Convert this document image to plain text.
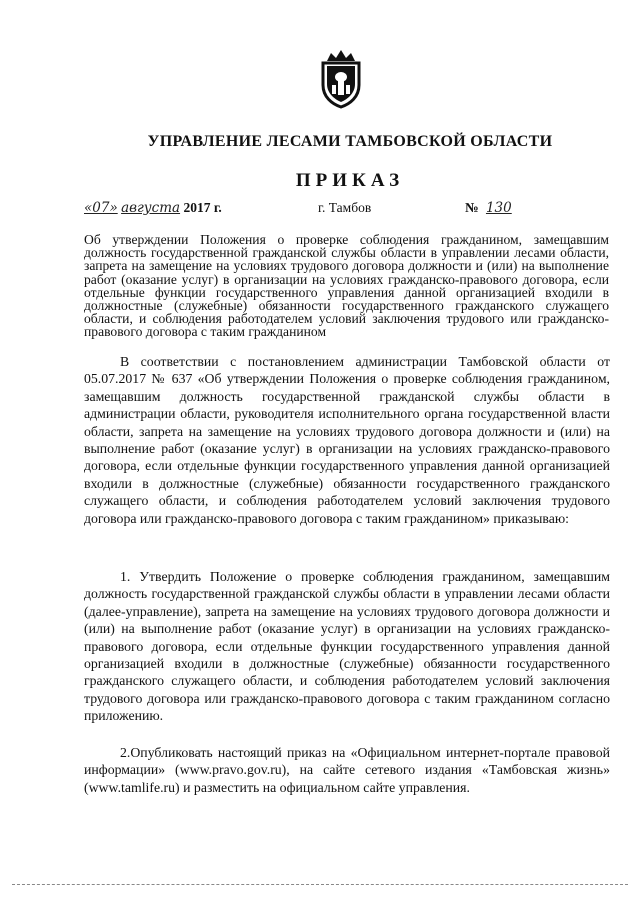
УПРАВЛЕНИЕ ЛЕСАМИ ТАМБОВСКОЙ ОБЛАСТИ
ПРИКАЗ
«07» августа 2017 г.	г. Тамбов	№ 130
Об утверждении Положения о проверке соблюдения гражданином, замещавшим должность государственной гражданской службы области в управлении лесами области, запрета на замещение на условиях трудового договора должности и (или) на выполнение работ (оказание услуг) в организации на условиях гражданско-правового договора, если отдельные функции государственного управления данной организацией входили в должностные (служебные) обязанности государственного гражданского служащего области, и соблюдения работодателем условий заключения трудового или гражданско-правового договора с таким гражданином
В соответствии с постановлением администрации Тамбовской области от 05.07.2017 № 637 «Об утверждении Положения о проверке соблюдения гражданином, замещавшим должность государственной гражданской службы области в администрации области, руководителя исполнительного органа государственной власти области, запрета на замещение на условиях трудового договора должности и (или) на выполнение работ (оказание услуг) в организации на условиях гражданско-правового договора, если отдельные функции государственного управления данной организацией входили в должностные (служебные) обязанности государственного гражданского служащего области, и соблюдения работодателем условий заключения трудового договора или гражданско-правового договора с таким гражданином» приказываю:
1. Утвердить Положение о проверке соблюдения гражданином, замещавшим должность государственной гражданской службы области в управлении лесами области (далее-управление), запрета на замещение на условиях трудового договора должности и (или) на выполнение работ (оказание услуг) в организации на условиях гражданско-правового договора, если отдельные функции государственного управления данной организацией входили в должностные (служебные) обязанности государственного гражданского служащего области, и соблюдения работодателем условий заключения трудового договора или гражданско-правового договора с таким гражданином согласно приложению.
2.Опубликовать настоящий приказ на «Официальном интернет-портале правовой информации» (www.pravo.gov.ru), на сайте сетевого издания «Тамбовская жизнь» (www.tamlife.ru) и разместить на официальном сайте управления.
